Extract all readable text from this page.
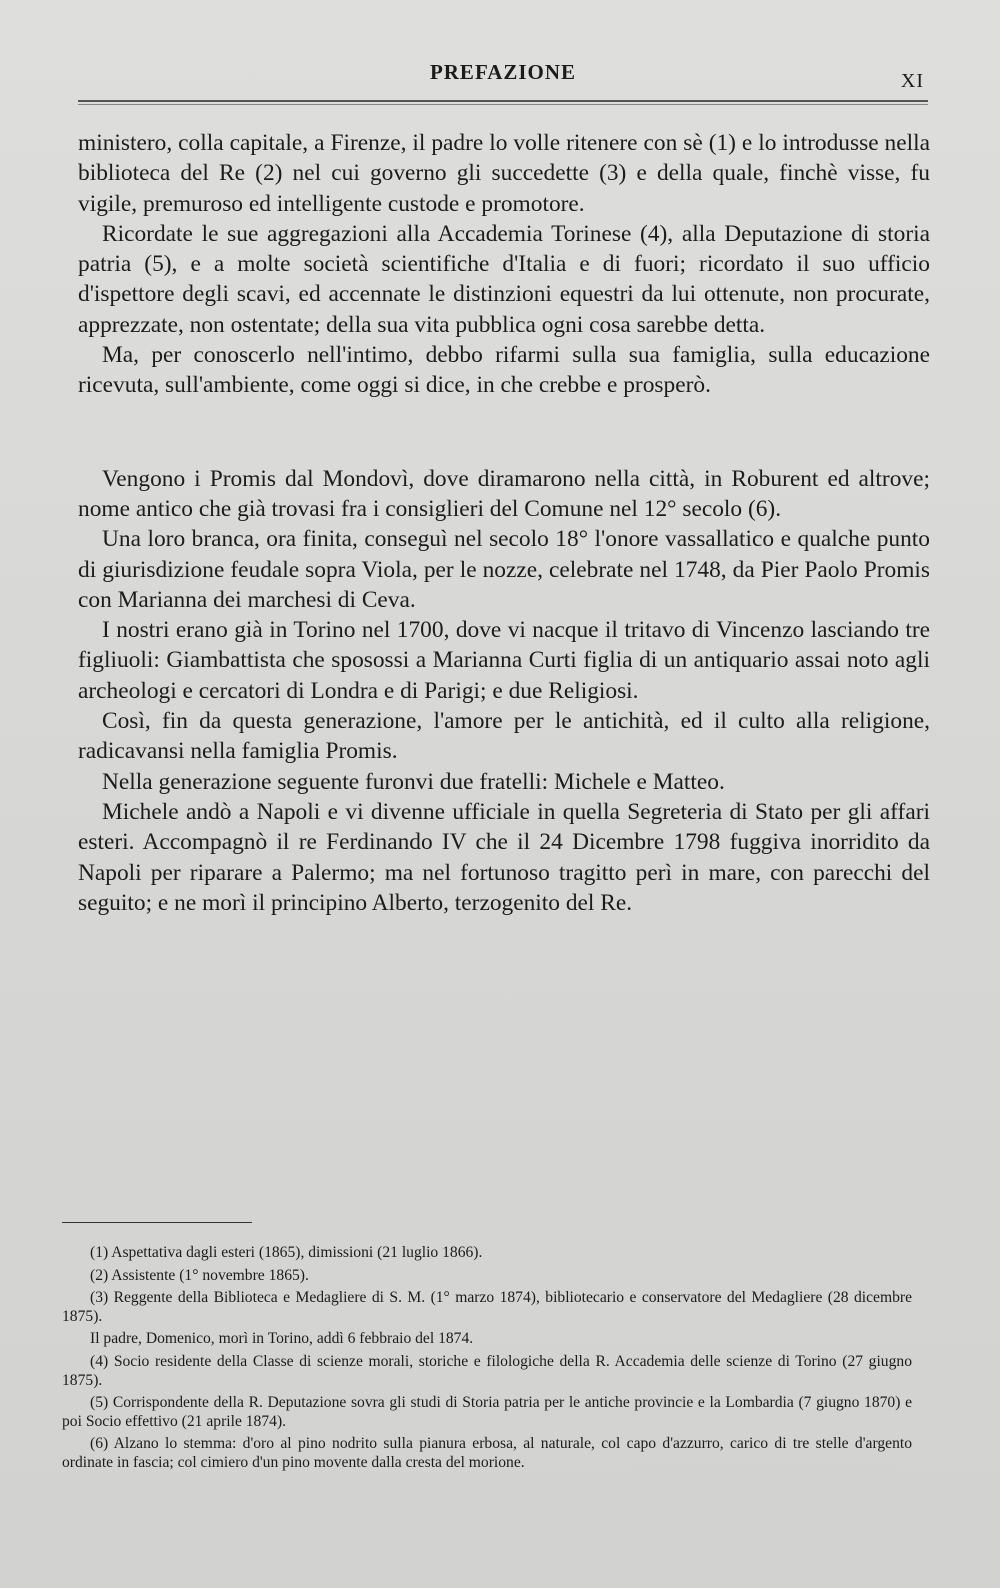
PREFAZIONE	XI

ministero, colla capitale, a Firenze, il padre lo volle ritenere con sè (1) e lo introdusse nella biblioteca del Re (2) nel cui governo gli succedette (3) e della quale, finchè visse, fu vigile, premuroso ed intelligente custode e promotore.

Ricordate le sue aggregazioni alla Accademia Torinese (4), alla Deputazione di storia patria (5), e a molte società scientifiche d'Italia e di fuori; ricordato il suo ufficio d'ispettore degli scavi, ed accennate le distinzioni equestri da lui ottenute, non procurate, apprezzate, non ostentate; della sua vita pubblica ogni cosa sarebbe detta.

Ma, per conoscerlo nell'intimo, debbo rifarmi sulla sua famiglia, sulla educazione ricevuta, sull'ambiente, come oggi si dice, in che crebbe e prosperò.

Vengono i Promis dal Mondovì, dove diramarono nella città, in Roburent ed altrove; nome antico che già trovasi fra i consiglieri del Comune nel 12° secolo (6).

Una loro branca, ora finita, conseguì nel secolo 18° l'onore vassallatico e qualche punto di giurisdizione feudale sopra Viola, per le nozze, celebrate nel 1748, da Pier Paolo Promis con Marianna dei marchesi di Ceva.

I nostri erano già in Torino nel 1700, dove vi nacque il tritavo di Vincenzo lasciando tre figliuoli: Giambattista che sposossi a Marianna Curti figlia di un antiquario assai noto agli archeologi e cercatori di Londra e di Parigi; e due Religiosi.

Così, fin da questa generazione, l'amore per le antichità, ed il culto alla religione, radicavansi nella famiglia Promis.

Nella generazione seguente furonvi due fratelli: Michele e Matteo.

Michele andò a Napoli e vi divenne ufficiale in quella Segreteria di Stato per gli affari esteri. Accompagnò il re Ferdinando IV che il 24 Dicembre 1798 fuggiva inorridito da Napoli per riparare a Palermo; ma nel fortunoso tragitto perì in mare, con parecchi del seguito; e ne morì il principino Alberto, terzogenito del Re.

(1) Aspettativa dagli esteri (1865), dimissioni (21 luglio 1866).

(2) Assistente (1° novembre 1865).

(3) Reggente della Biblioteca e Medagliere di S. M. (1° marzo 1874), bibliotecario e conservatore del Medagliere (28 dicembre 1875).

Il padre, Domenico, morì in Torino, addì 6 febbraio del 1874.

(4) Socio residente della Classe di scienze morali, storiche e filologiche della R. Accademia delle scienze di Torino (27 giugno 1875).

(5) Corrispondente della R. Deputazione sovra gli studi di Storia patria per le antiche provincie e la Lombardia (7 giugno 1870) e poi Socio effettivo (21 aprile 1874).

(6) Alzano lo stemma: d'oro al pino nodrito sulla pianura erbosa, al naturale, col capo d'azzurro, carico di tre stelle d'argento ordinate in fascia; col cimiero d'un pino movente dalla cresta del morione.
